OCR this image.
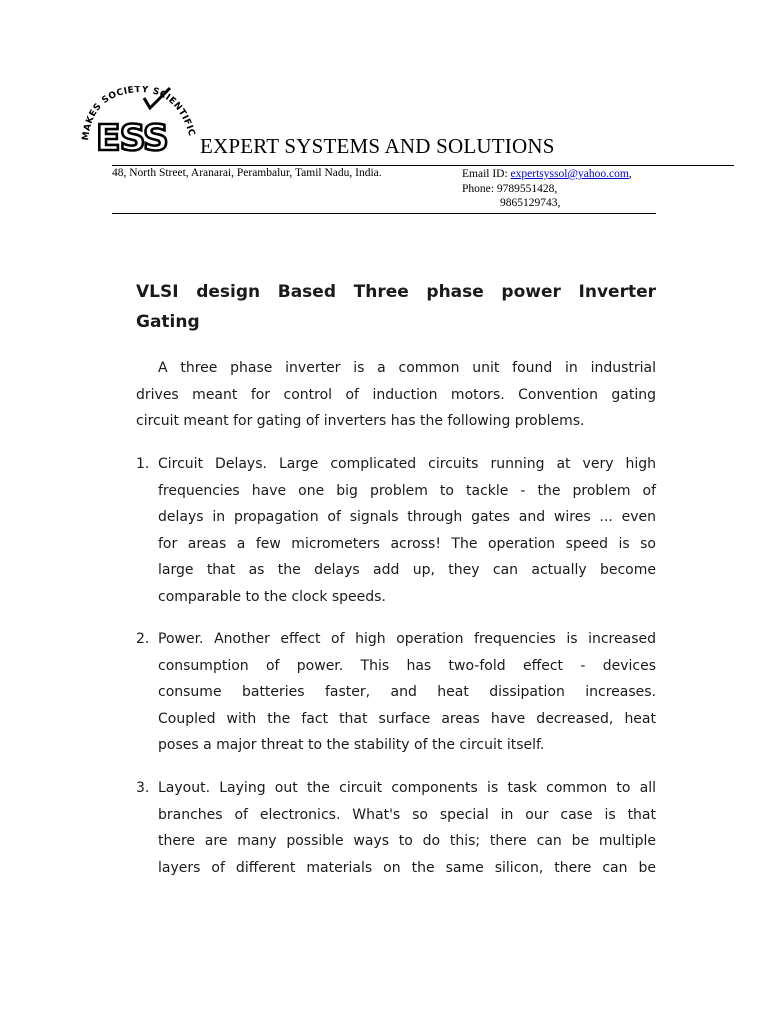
MAKES SOCIETY SCIENTIFIC
ESS EXPERT SYSTEMS AND SOLUTIONS
48, North Street, Aranarai, Perambalur, Tamil Nadu, India.	Email ID: expertsyssol@yahoo.com,
Phone: 9789551428,
9865129743,
VLSI design Based Three phase power Inverter
Gating
A three phase inverter is a common unit found in industrial
drives meant for control of induction motors. Convention gating
circuit meant for gating of inverters has the following problems.
1. Circuit Delays. Large complicated circuits running at very high
frequencies have one big problem to tackle - the problem of
delays in propagation of signals through gates and wires ... even
for areas a few micrometers across! The operation speed is so
large that as the delays add up, they can actually become
comparable to the clock speeds.
2. Power. Another effect of high operation frequencies is increased
consumption of power. This has two-fold effect - devices
consume batteries faster, and heat dissipation increases.
Coupled with the fact that surface areas have decreased, heat
poses a major threat to the stability of the circuit itself.
3. Layout. Laying out the circuit components is task common to all
branches of electronics. What's so special in our case is that
there are many possible ways to do this; there can be multiple
layers of different materials on the same silicon, there can be
